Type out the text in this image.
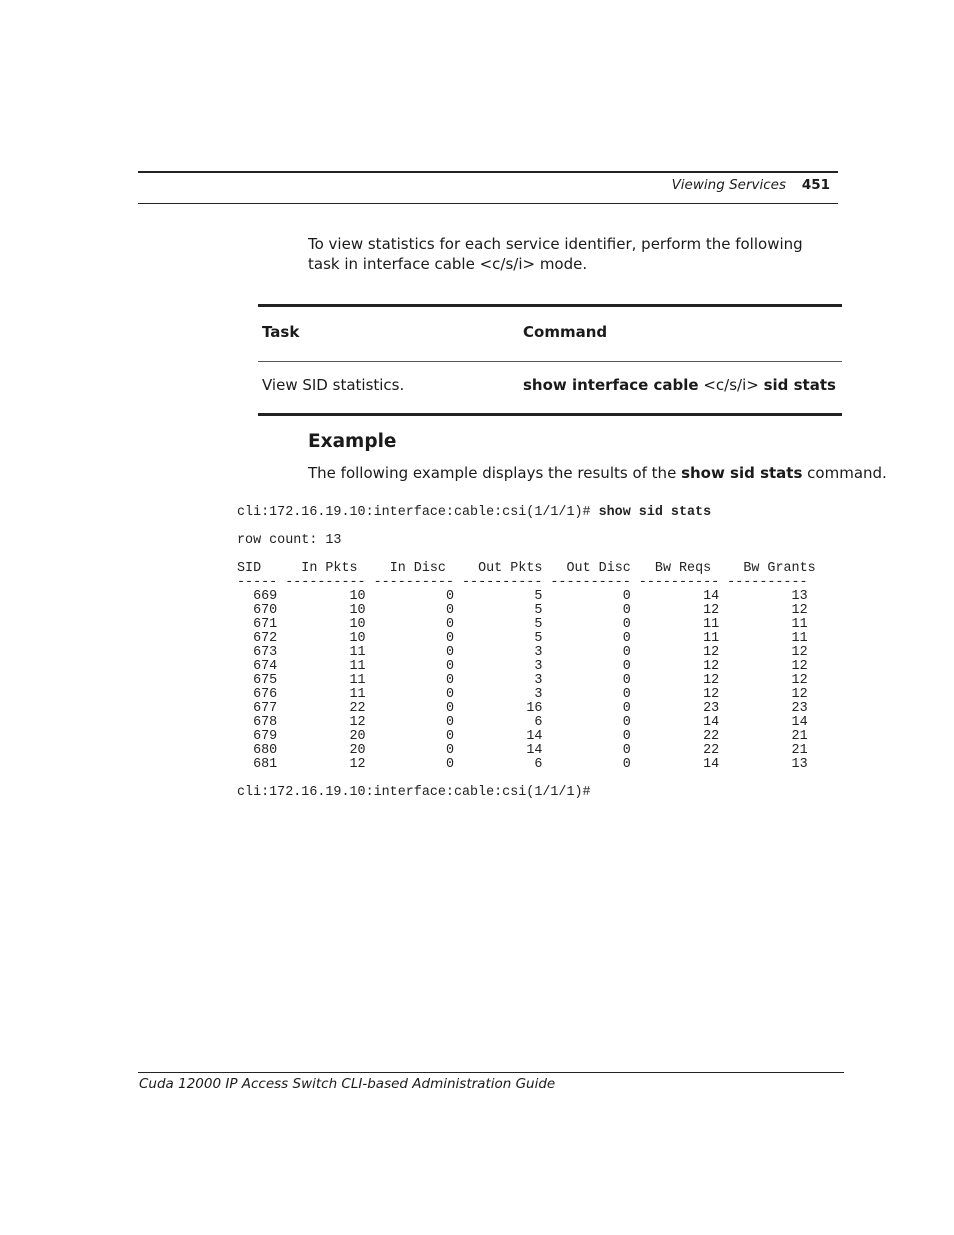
Viewing Services 451
To view statistics for each service identifier, perform the following task in interface cable <c/s/i> mode.
Task	Command
View SID statistics.	show interface cable <c/s/i> sid stats
Example
The following example displays the results of the show sid stats command.
cli:172.16.19.10:interface:cable:csi(1/1/1)# show sid stats
row count: 13
SID     In Pkts    In Disc    Out Pkts   Out Disc   Bw Reqs    Bw Grants
----- ---------- ---------- ---------- ---------- ---------- ----------
669         10          0          5          0         14         13
670         10          0          5          0         12         12
671         10          0          5          0         11         11
672         10          0          5          0         11         11
673         11          0          3          0         12         12
674         11          0          3          0         12         12
675         11          0          3          0         12         12
676         11          0          3          0         12         12
677         22          0         16          0         23         23
678         12          0          6          0         14         14
679         20          0         14          0         22         21
680         20          0         14          0         22         21
681         12          0          6          0         14         13
cli:172.16.19.10:interface:cable:csi(1/1/1)#
Cuda 12000 IP Access Switch CLI-based Administration Guide
